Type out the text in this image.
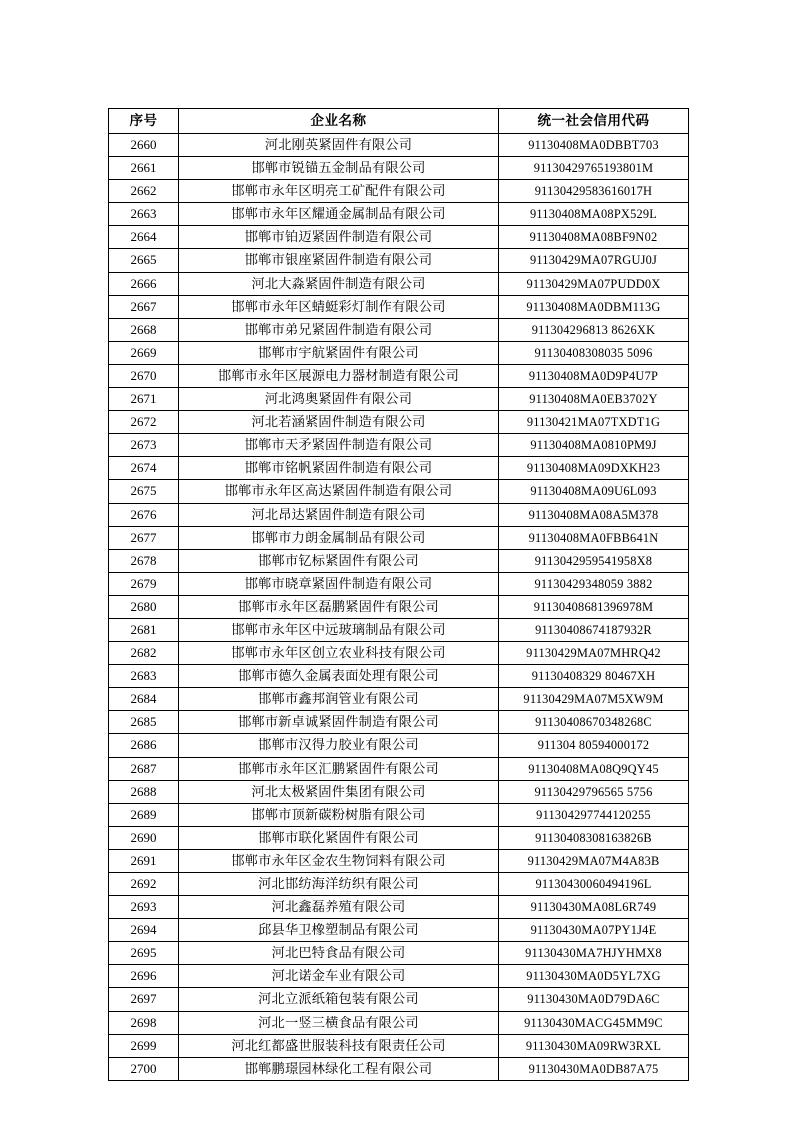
序号	企业名称	统一社会信用代码
2660	河北刚英紧固件有限公司	91130408MA0DBBT703
2661	邯郸市锐锚五金制品有限公司	91130429765193801M
2662	邯郸市永年区明亮工矿配件有限公司	91130429583616017H
2663	邯郸市永年区耀通金属制品有限公司	91130408MA08PX529L
2664	邯郸市铂迈紧固件制造有限公司	91130408MA08BF9N02
2665	邯郸市银座紧固件制造有限公司	91130429MA07RGUJ0J
2666	河北大淼紧固件制造有限公司	91130429MA07PUDD0X
2667	邯郸市永年区蜻蜓彩灯制作有限公司	91130408MA0DBM113G
2668	邯郸市弟兄紧固件制造有限公司	911304296813 8626XK
2669	邯郸市宇航紧固件有限公司	91130408308035 5096
2670	邯郸市永年区展源电力器材制造有限公司	91130408MA0D9P4U7P
2671	河北鸿奥紧固件有限公司	91130408MA0EB3702Y
2672	河北若涵紧固件制造有限公司	91130421MA07TXDT1G
2673	邯郸市天矛紧固件制造有限公司	91130408MA0810PM9J
2674	邯郸市铭帆紧固件制造有限公司	91130408MA09DXKH23
2675	邯郸市永年区高达紧固件制造有限公司	91130408MA09U6L093
2676	河北昂达紧固件制造有限公司	91130408MA08A5M378
2677	邯郸市力朗金属制品有限公司	91130408MA0FBB641N
2678	邯郸市钇标紧固件有限公司	9113042959541958X8
2679	邯郸市晓章紧固件制造有限公司	91130429348059 3882
2680	邯郸市永年区磊鹏紧固件有限公司	91130408681396978M
2681	邯郸市永年区中远玻璃制品有限公司	91130408674187932R
2682	邯郸市永年区创立农业科技有限公司	91130429MA07MHRQ42
2683	邯郸市德久金属表面处理有限公司	91130408329 80467XH
2684	邯郸市鑫邦润管业有限公司	91130429MA07M5XW9M
2685	邯郸市新卓诚紧固件制造有限公司	91130408670348268C
2686	邯郸市汉得力胶业有限公司	911304 80594000172
2687	邯郸市永年区汇鹏紧固件有限公司	91130408MA08Q9QY45
2688	河北太极紧固件集团有限公司	91130429796565 5756
2689	邯郸市顶新碳粉树脂有限公司	911304297744120255
2690	邯郸市联化紧固件有限公司	91130408308163826B
2691	邯郸市永年区金农生物饲料有限公司	91130429MA07M4A83B
2692	河北邯纺海洋纺织有限公司	91130430060494196L
2693	河北鑫磊养殖有限公司	91130430MA08L6R749
2694	邱县华卫橡塑制品有限公司	91130430MA07PY1J4E
2695	河北巴特食品有限公司	91130430MA7HJYHMX8
2696	河北诺金车业有限公司	91130430MA0D5YL7XG
2697	河北立派纸箱包装有限公司	91130430MA0D79DA6C
2698	河北一竖三横食品有限公司	91130430MACG45MM9C
2699	河北红都盛世服装科技有限责任公司	91130430MA09RW3RXL
2700	邯郸鹏璟园林绿化工程有限公司	91130430MA0DB87A75
